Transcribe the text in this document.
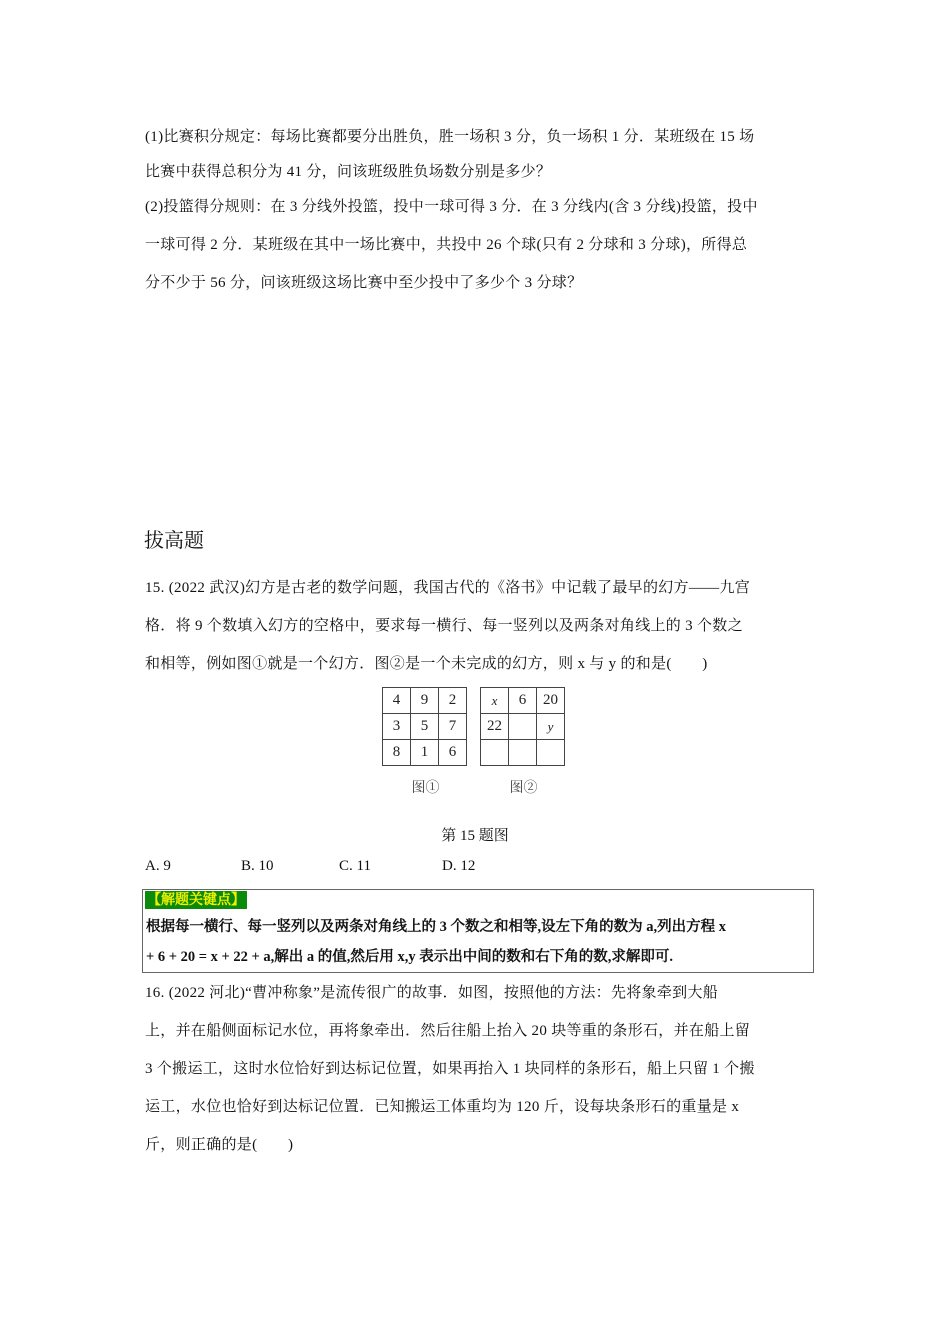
(1)比赛积分规定：每场比赛都要分出胜负，胜一场积 3 分，负一场积 1 分．某班级在 15 场
比赛中获得总积分为 41 分，问该班级胜负场数分别是多少？
(2)投篮得分规则：在 3 分线外投篮，投中一球可得 3 分．在 3 分线内(含 3 分线)投篮，投中
一球可得 2 分．某班级在其中一场比赛中，共投中 26 个球(只有 2 分球和 3 分球)，所得总
分不少于 56 分，问该班级这场比赛中至少投中了多少个 3 分球？
拔高题
15. (2022 武汉)幻方是古老的数学问题，我国古代的《洛书》中记载了最早的幻方——九宫
格．将 9 个数填入幻方的空格中，要求每一横行、每一竖列以及两条对角线上的 3 个数之
和相等，例如图①就是一个幻方．图②是一个未完成的幻方，则 x 与 y 的和是(　　)
4	9	2
3	5	7
8	1	6
图①
x	6	20
22		y

图②
第 15 题图
A. 9	B. 10	C. 11	D. 12
【解题关键点】
根据每一横行、每一竖列以及两条对角线上的 3 个数之和相等,设左下角的数为 a,列出方程 x
+ 6 + 20 = x + 22 + a,解出 a 的值,然后用 x,y 表示出中间的数和右下角的数,求解即可.
16. (2022 河北)“曹冲称象”是流传很广的故事．如图，按照他的方法：先将象牵到大船
上，并在船侧面标记水位，再将象牵出．然后往船上抬入 20 块等重的条形石，并在船上留
3 个搬运工，这时水位恰好到达标记位置，如果再抬入 1 块同样的条形石，船上只留 1 个搬
运工，水位也恰好到达标记位置．已知搬运工体重均为 120 斤，设每块条形石的重量是 x
斤，则正确的是(　　)
